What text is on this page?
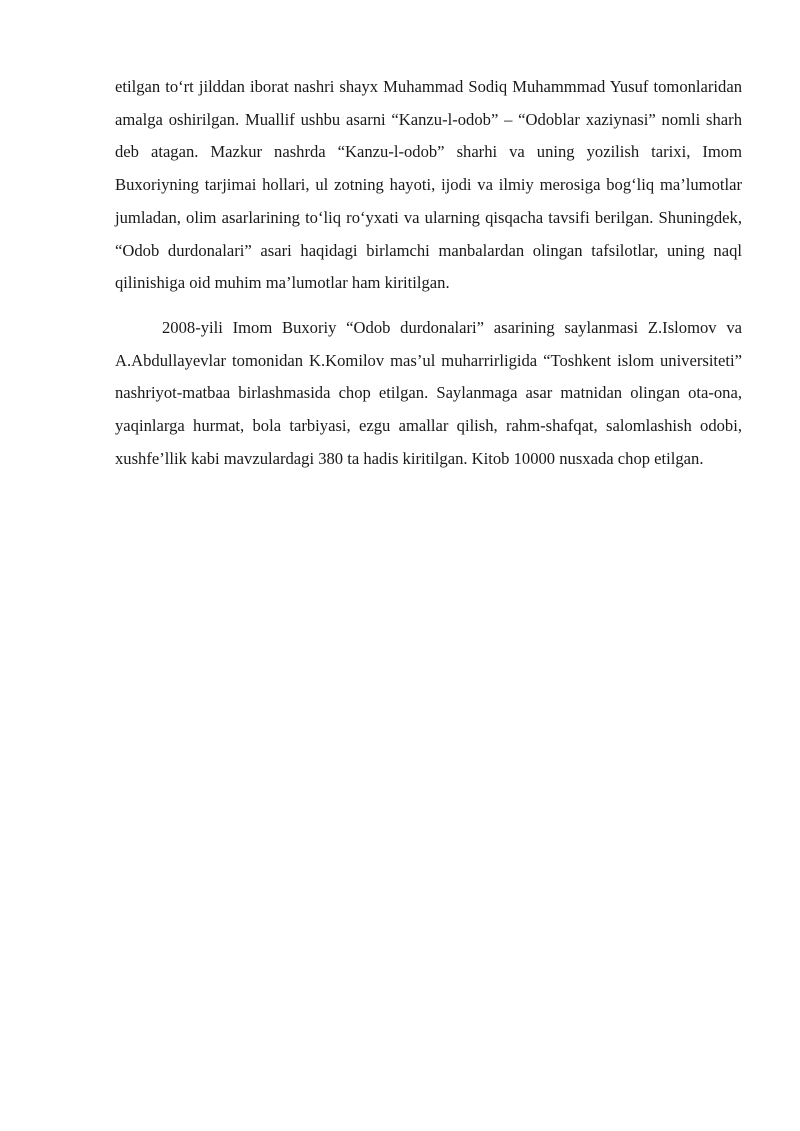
etilgan to‘rt jilddan iborat nashri shayx Muhammad Sodiq Muhammmad Yusuf tomonlaridan amalga oshirilgan. Muallif ushbu asarni “Kanzu-l-odob” – “Odoblar xaziynasi” nomli sharh deb atagan. Mazkur nashrda “Kanzu-l-odob” sharhi va uning yozilish tarixi, Imom Buxoriyning tarjimai hollari, ul zotning hayoti, ijodi va ilmiy merosiga bog‘liq ma’lumotlar jumladan, olim asarlarining to‘liq ro‘yxati va ularning qisqacha tavsifi berilgan. Shuningdek, “Odob durdonalari” asari haqidagi birlamchi manbalardan olingan tafsilotlar, uning naql qilinishiga oid muhim ma’lumotlar ham kiritilgan.

2008-yili Imom Buxoriy “Odob durdonalari” asarining saylanmasi Z.Islomov va A.Abdullayevlar tomonidan K.Komilov mas’ul muharrirligida “Toshkent islom universiteti” nashriyot-matbaa birlashmasida chop etilgan. Saylanmaga asar matnidan olingan ota-ona, yaqinlarga hurmat, bola tarbiyasi, ezgu amallar qilish, rahm-shafqat, salomlashish odobi, xushfe’llik kabi mavzulardagi 380 ta hadis kiritilgan. Kitob 10000 nusxada chop etilgan.
